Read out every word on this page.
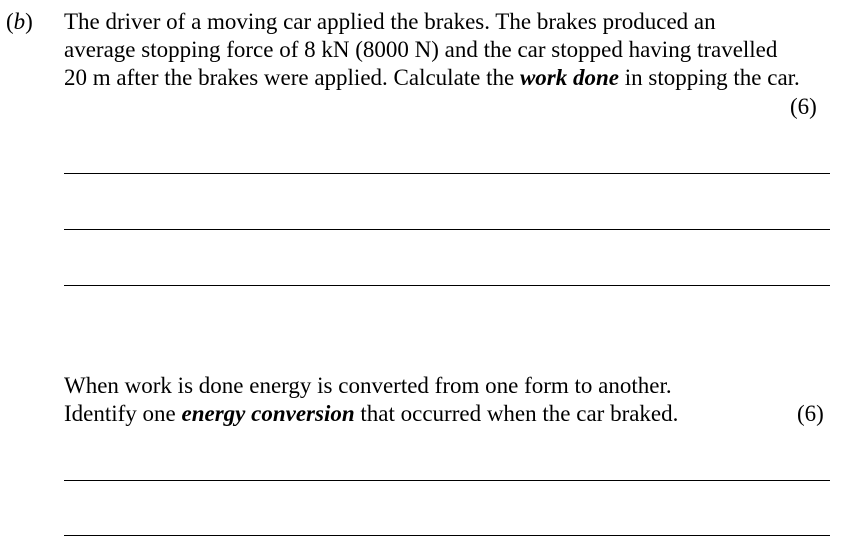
(b) The driver of a moving car applied the brakes. The brakes produced an
average stopping force of 8 kN (8000 N) and the car stopped having travelled
20 m after the brakes were applied. Calculate the work done in stopping the car.
(6)
When work is done energy is converted from one form to another.
Identify one energy conversion that occurred when the car braked.	(6)
